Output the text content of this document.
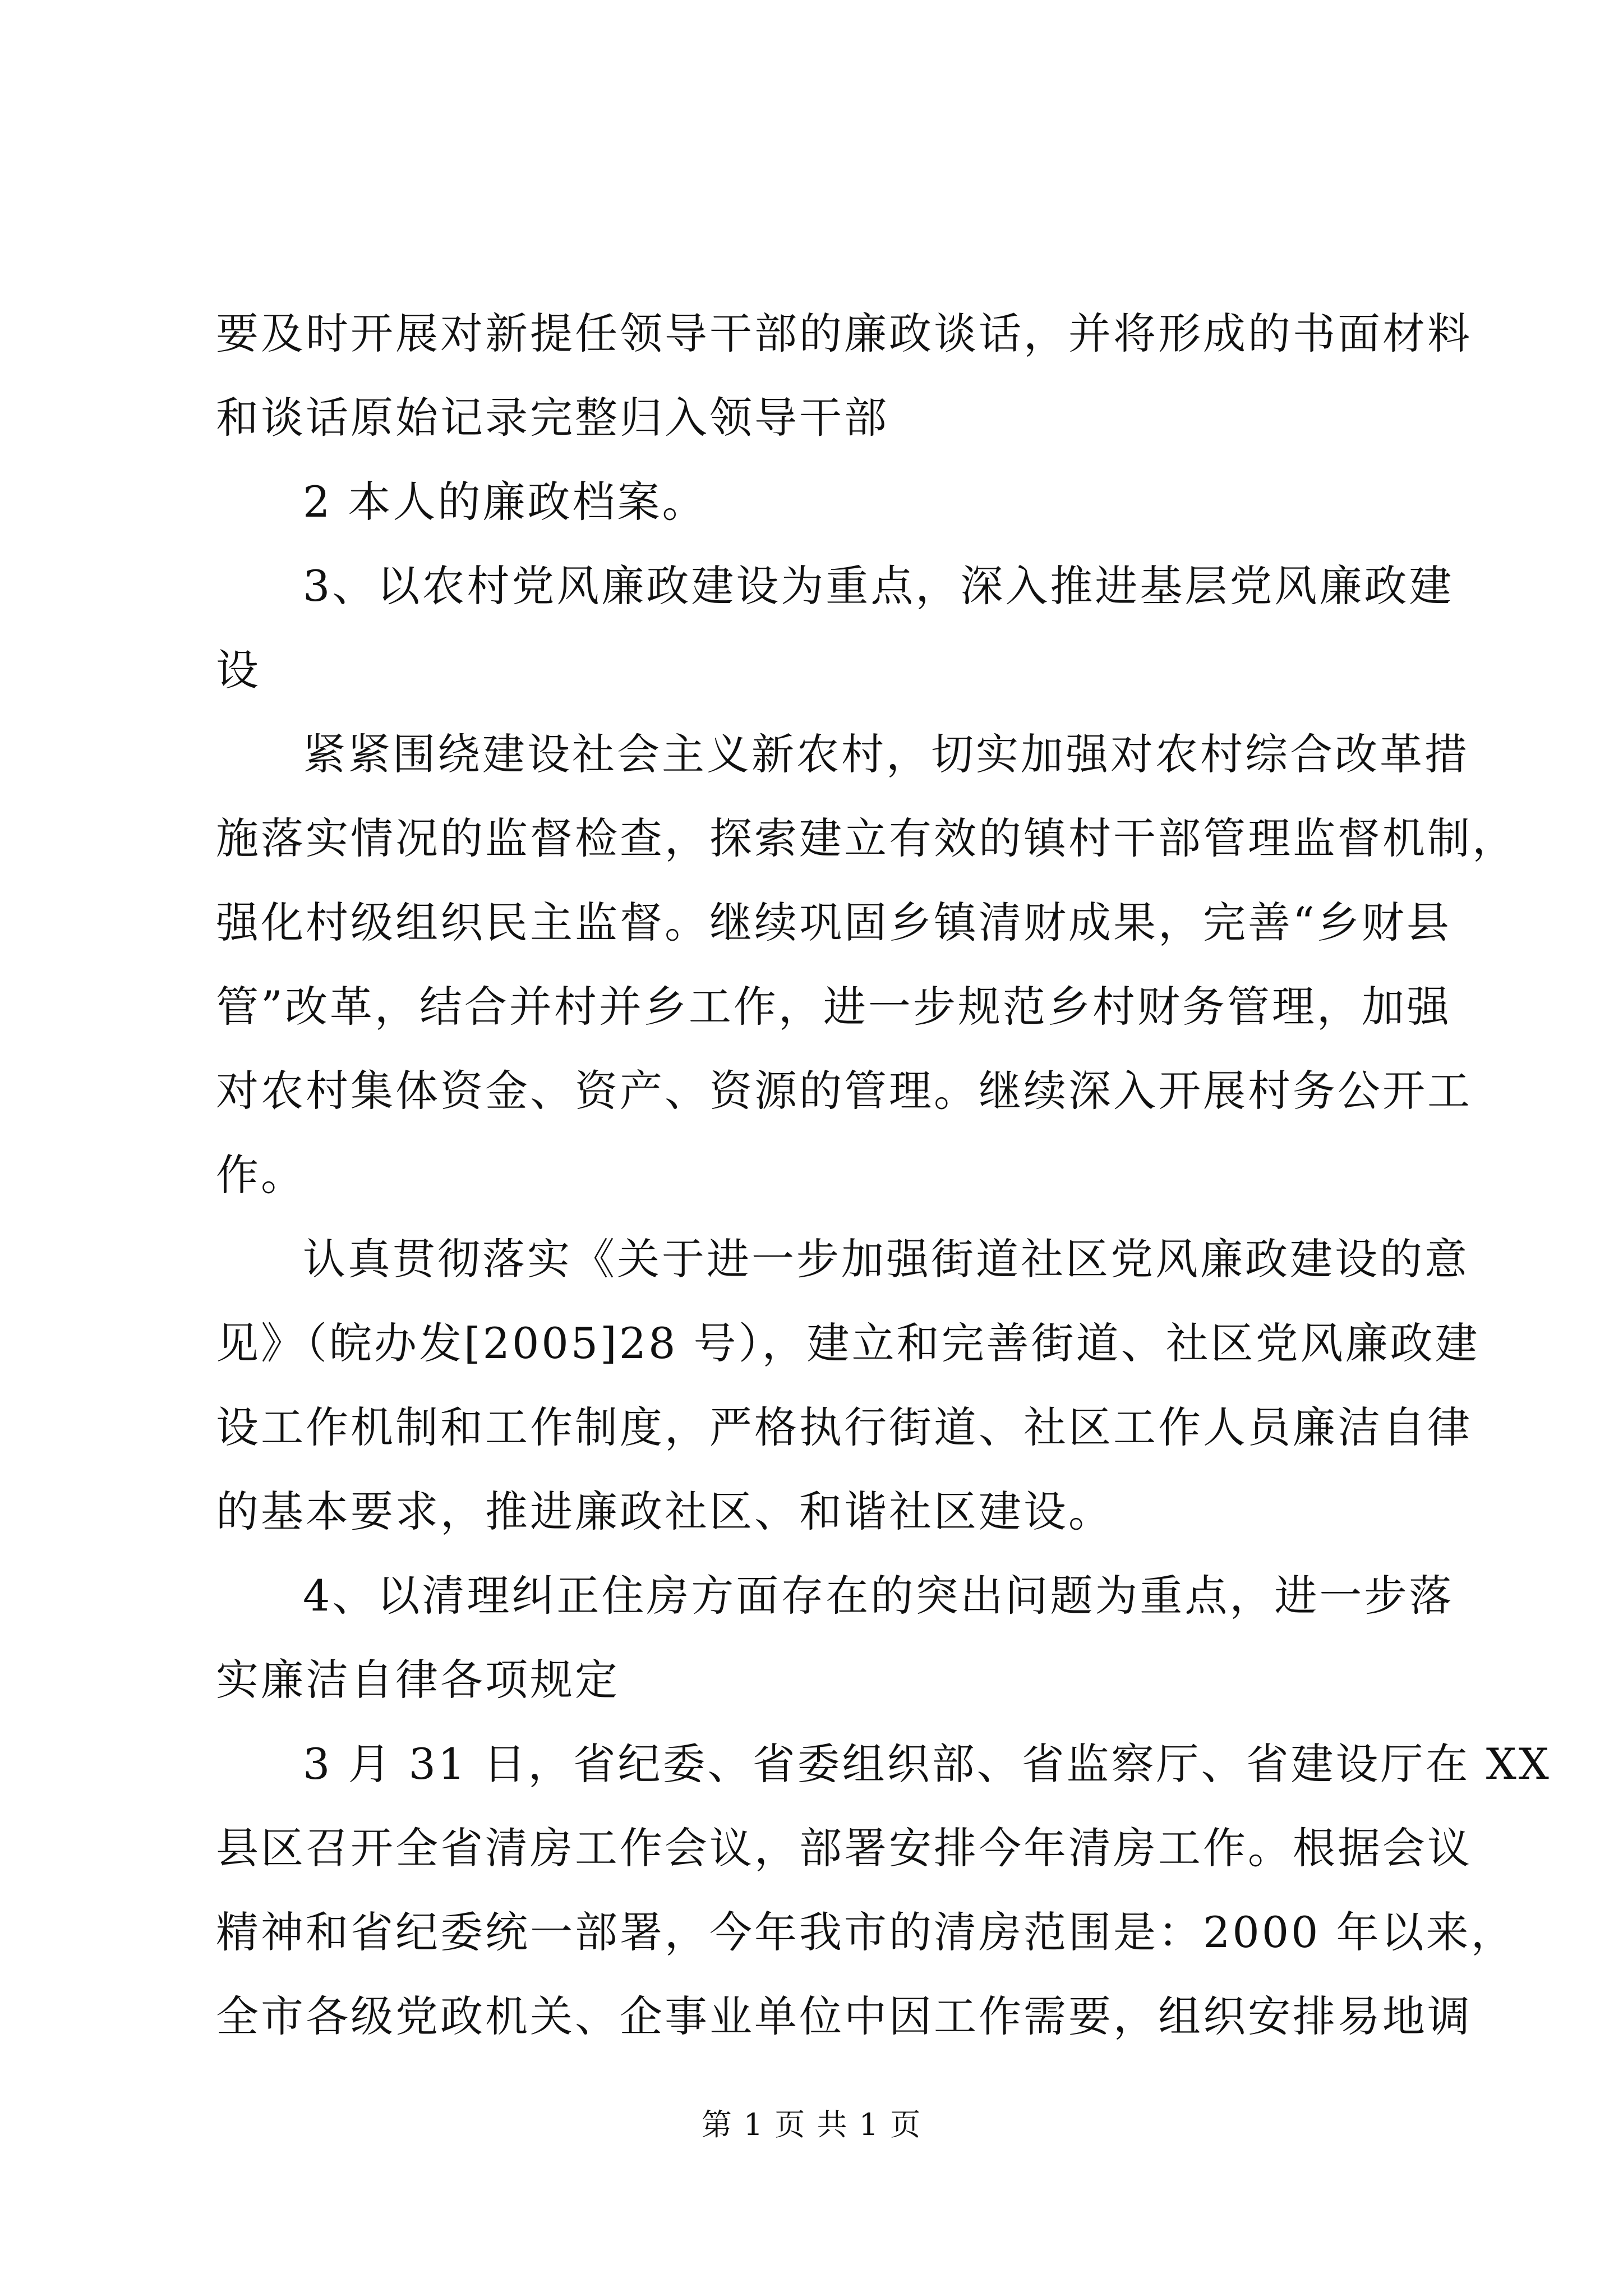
要及时开展对新提任领导干部的廉政谈话，并将形成的书面材料
和谈话原始记录完整归入领导干部
2 本人的廉政档案。
3、以农村党风廉政建设为重点，深入推进基层党风廉政建
设
紧紧围绕建设社会主义新农村，切实加强对农村综合改革措
施落实情况的监督检查，探索建立有效的镇村干部管理监督机制，
强化村级组织民主监督。继续巩固乡镇清财成果，完善“乡财县
管”改革，结合并村并乡工作，进一步规范乡村财务管理，加强
对农村集体资金、资产、资源的管理。继续深入开展村务公开工
作。
认真贯彻落实《关于进一步加强街道社区党风廉政建设的意
见》（皖办发[2005]28 号），建立和完善街道、社区党风廉政建
设工作机制和工作制度，严格执行街道、社区工作人员廉洁自律
的基本要求，推进廉政社区、和谐社区建设。
4、以清理纠正住房方面存在的突出问题为重点，进一步落
实廉洁自律各项规定
3 月 31 日，省纪委、省委组织部、省监察厅、省建设厅在 XX
县区召开全省清房工作会议，部署安排今年清房工作。根据会议
精神和省纪委统一部署，今年我市的清房范围是：2000 年以来，
全市各级党政机关、企事业单位中因工作需要，组织安排易地调
第 1 页 共 1 页
